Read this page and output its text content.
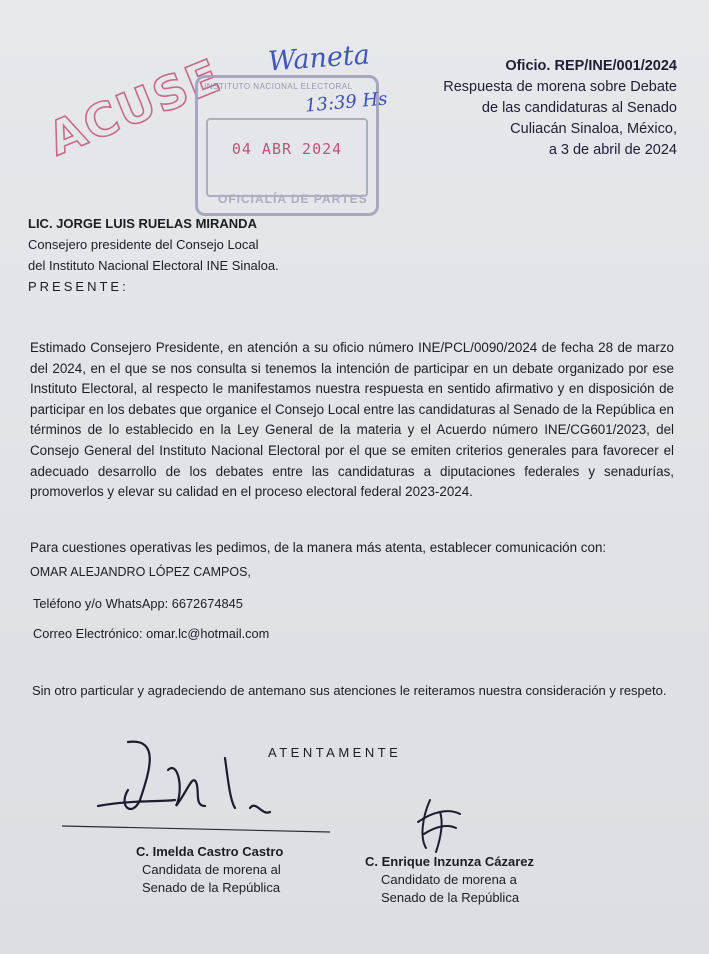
ACUSE
INSTITUTO NACIONAL ELECTORAL
04 ABR 2024
OFICIALÍA DE PARTES
Waneta
13:39 Hs
Oficio. REP/INE/001/2024
Respuesta de morena sobre Debate
de las candidaturas al Senado
Culiacán Sinaloa, México,
a 3 de abril de 2024
LIC. JORGE LUIS RUELAS MIRANDA
Consejero presidente del Consejo Local
del Instituto Nacional Electoral INE Sinaloa.
PRESENTE:
Estimado Consejero Presidente, en atención a su oficio número INE/PCL/0090/2024 de fecha 28 de marzo del 2024, en el que se nos consulta si tenemos la intención de participar en un debate organizado por ese Instituto Electoral, al respecto le manifestamos nuestra respuesta en sentido afirmativo y en disposición de participar en los debates que organice el Consejo Local entre las candidaturas al Senado de la República en términos de lo establecido en la Ley General de la materia y el Acuerdo número INE/CG601/2023, del Consejo General del Instituto Nacional Electoral por el que se emiten criterios generales para favorecer el adecuado desarrollo de los debates entre las candidaturas a diputaciones federales y senadurías, promoverlos y elevar su calidad en el proceso electoral federal 2023-2024.
Para cuestiones operativas les pedimos, de la manera más atenta, establecer comunicación con:
OMAR ALEJANDRO LÓPEZ CAMPOS,
Teléfono y/o WhatsApp: 6672674845
Correo Electrónico: omar.lc@hotmail.com
Sin otro particular y agradeciendo de antemano sus atenciones le reiteramos nuestra consideración y respeto.
ATENTAMENTE
C. Imelda Castro Castro
Candidata de morena al
Senado de la República
C. Enrique Inzunza Cázarez
Candidato de morena a
Senado de la República
